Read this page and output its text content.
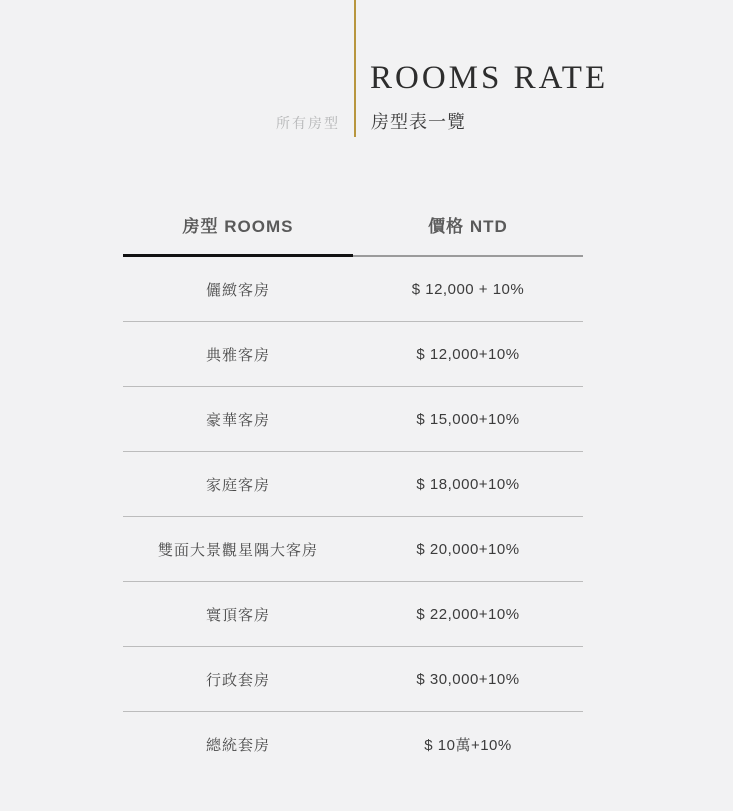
所有房型
ROOMS RATE
房型表一覽
房型 ROOMS	價格 NTD
儷緻客房	$ 12,000 + 10%
典雅客房	$ 12,000+10%
豪華客房	$ 15,000+10%
家庭客房	$ 18,000+10%
雙面大景觀星隅大客房	$ 20,000+10%
寰頂客房	$ 22,000+10%
行政套房	$ 30,000+10%
總統套房	$ 10萬+10%
